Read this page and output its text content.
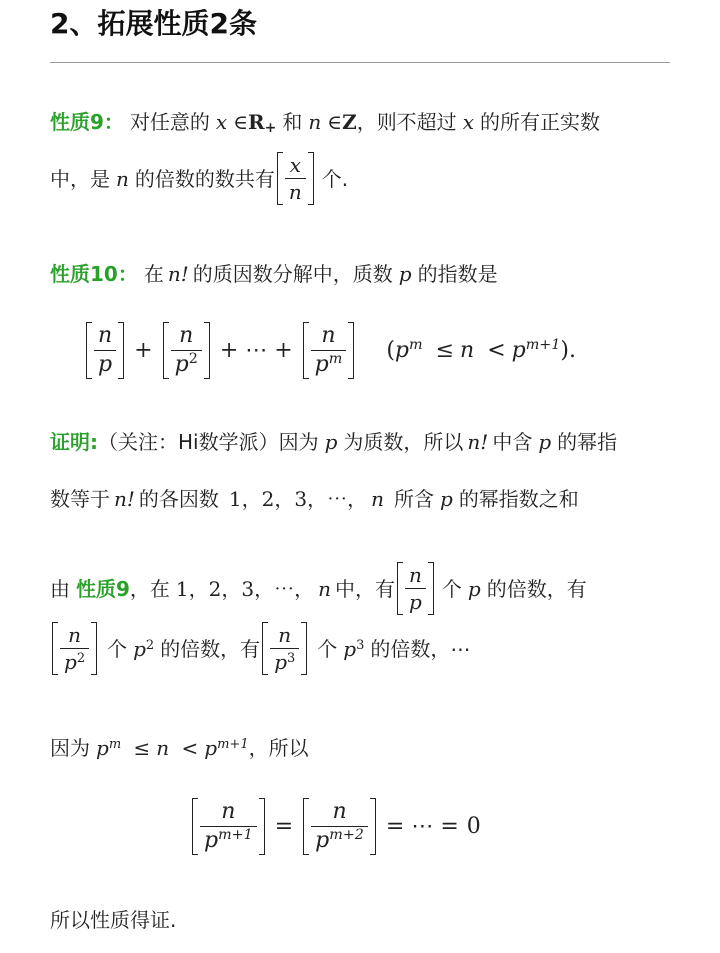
2、拓展性质2条
性质9： 对任意的 x ∈ $R_+$ 和 n ∈ Z ， 则不超过 x 的所有正实数
中，是 n 的倍数的数共有 $\frac{x}{n}$ 个.
性质10： 在 n! 的质因数分解中，质数 p 的指数是
$\frac{n}{p} + \frac{n}{p^2}$ + ⋯ + $\frac{n}{p^m} (p^m \le n < p^{m+1})$.
证明: （关注：Hi数学派）因为 p 为质数，所以 n! 中含 p 的幂指
数等于 n! 的各因数 1，2，3，⋯， n 所含 p 的幂指数之和
由 性质9 ，在 1，2，3，⋯， n 中，有 $\frac{n}{p}$ 个 p 的倍数，有
$\frac{n}{p^2}$ 个 $p^2$ 的倍数，有 $\frac{n}{p^3}$ 个 $p^3$ 的倍数，⋯
因为 $p^m \le n < p^{m+1}$ ，所以
$\frac{n}{p^{m+1}} = \frac{n}{p^{m+2}}$ = ⋯ = 0
所以性质得证.
